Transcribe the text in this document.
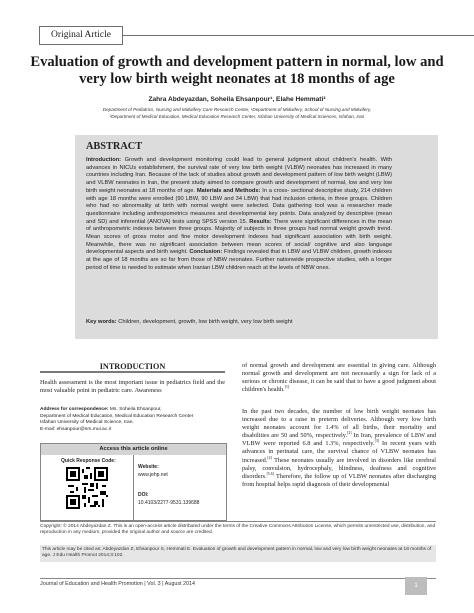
Original Article
Evaluation of growth and development pattern in normal, low and very low birth weight neonates at 18 months of age
Zahra Abdeyazdan, Soheila Ehsanpour¹, Elahe Hemmati²
Department of Pediatrics, Nursing and Midwifery Care Research Center, ¹Department of Midwifery, School of Nursing and Midwifery,
²Department of Medical Education, Medical Education Research Center, Isfahan University of Medical Sciences, Isfahan, Iran
ABSTRACT
Introduction: Growth and development monitoring could lead to general judgment about children's health. With advances in NICUs establishment, the survival rate of very low birth weight (VLBW) neonates has increased in many countries including Iran. Because of the lack of studies about growth and development pattern of low birth weight (LBW) and VLBW neonates in Iran, the present study aimed to compare growth and development of normal, low and very low birth weight neonates at 18 months of age. Materials and Methods: In a cross- sectional descriptive study, 214 children with age 18 months were enrolled (90 LBW, 90 LBW and 34 LBW) that had inclusion criteria, in three groups. Children who had no abnormality at birth with normal weight were selected. Data gathering tool was a researcher made questionnaire including anthropometrics measures and developmental key points. Data analyzed by descriptive (mean and SD) and inferential (ANOVA) tests using SPSS version 15. Results: There were significant differences in the mean of anthropometric indexes between three groups. Majority of subjects in three groups had normal weight growth trend. Mean scores of gross motor and fine motor development indexes had significant association with birth weight. Meanwhile, there was no significant association between mean scores of social/ cognitive and also language developmental aspects and birth weight. Conclusion: Findings revealed that in LBW and VLBW children, growth indexes at the age of 18 months are so far from those of NBW neonates. Further nationwide prospective studies, with a longer period of time is needed to estimate when Iranian LBW children reach at the levels of NBW ones.
Key words: Children, development, growth, low birth weight, very low birth weight
INTRODUCTION
Health assessment is the most important issue in pediatrics field and the most valuable point in pediatric care. Awareness
Address for correspondence: Ms. Soheila Ehsanpour,
Department of Medical Education, Medical Education Research Center
Isfahan University of Medical Science, Iran.
E-mail: ehsanpour@nm.mui.ac.ir
Access this article online
Quick Response Code:
Website:
www.jehp.net
DOI:
10.4103/2277-9531.139688
of normal growth and development are essential in giving care. Although normal growth and development are not necessarily a sign for lack of a serious or chronic disease, it can be said that to have a good judgment about children's health.[1]
In the past two decades, the number of low birth weight neonates has increased due to a raise in preterm deliveries. Although very low birth weight neonates account for 1.4% of all births, their mortality and disabilities are 50 and 50%, respectively.[2] In Iran, prevalence of LBW and VLBW were reported 6.8 and 1.3%, respectively.[3] In recent years with advances in perinatal care, the survival chance of VLBW neonates has increased.[4] These neonates usually are involved in disorders like cerebral palsy, convulsion, hydrocephaly, blindness, deafness and cognitive disorders.[5,6] Therefore, the follow up of VLBW neonates after discharging from hospital helps rapid diagnosis of their developmental
Copyright: © 2014 Abdeyazdan Z. This is an open-access article distributed under the terms of the Creative Commons Attribution License, which permits unrestricted use, distribution, and reproduction in any medium, provided the original author and source are credited.
This article may be cited as: Abdeyazdan Z, Ehsanpour S, Hemmati E. Evaluation of growth and development pattern in normal, low and very low birth weight neonates at 18 months of age. J Edu Health Promot 2014;3:102.
Journal of Education and Health Promotion | Vol. 3 | August 2014	1
